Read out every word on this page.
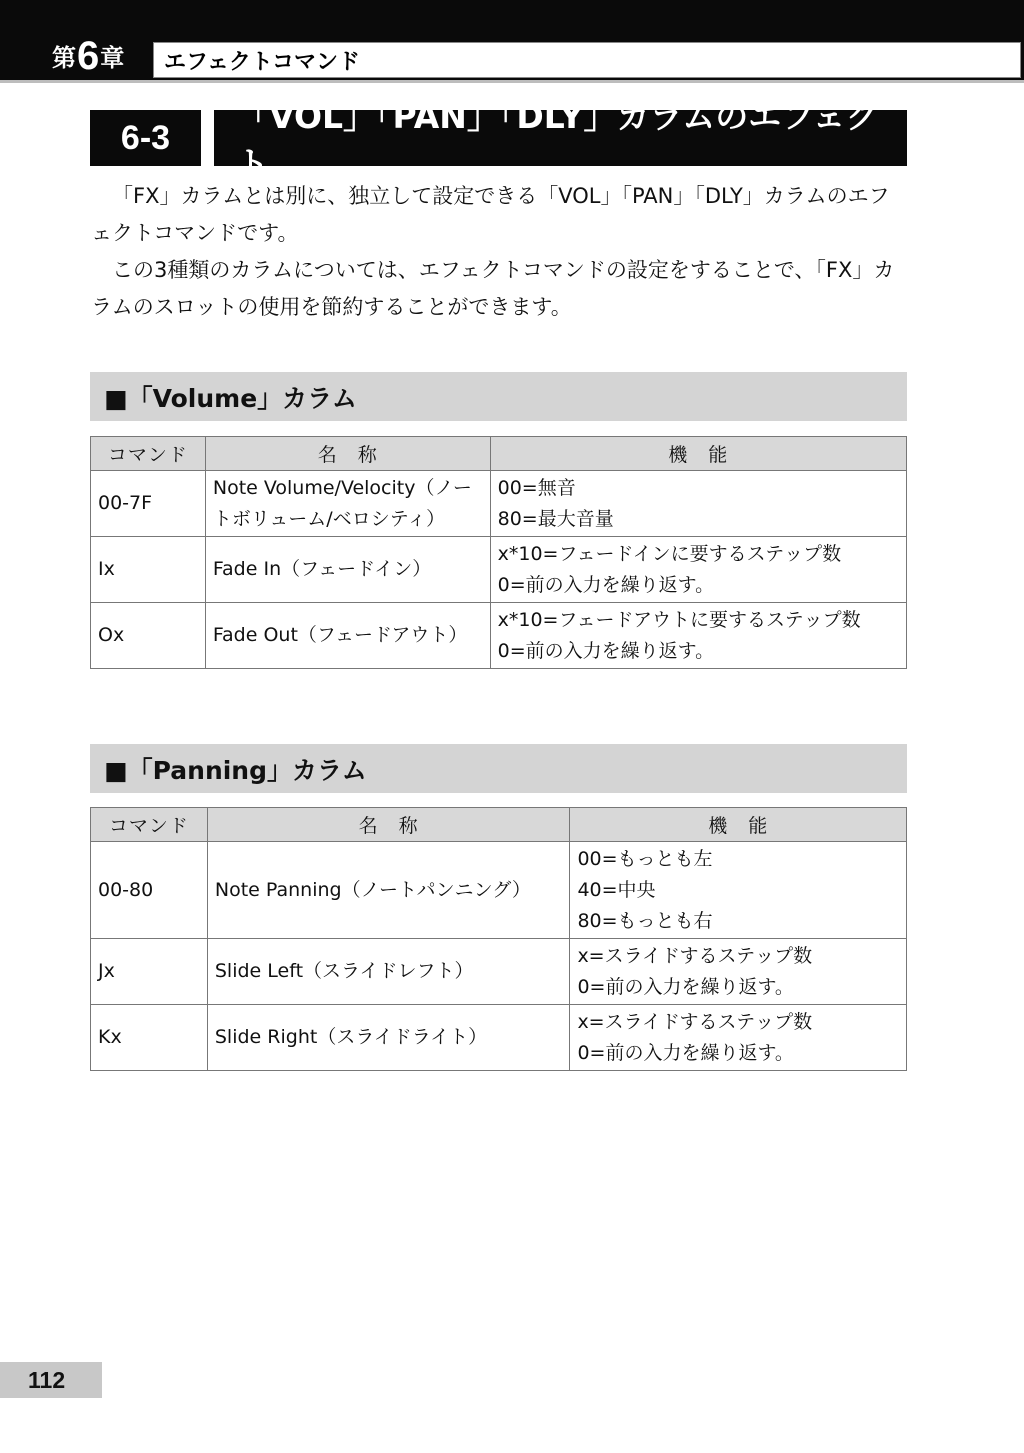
第 6 章	エフェクトコマンド
6-3
「VOL」「PAN」「DLY」カラムのエフェクト

「FX」カラムとは別に、独立して設定できる「VOL」「PAN」「DLY」カラムのエフェクトコマンドです。

この3種類のカラムについては、エフェクトコマンドの設定をすることで、「FX」カラムのスロットの使用を節約することができます。

■「Volume」カラム
コマンド	名　称	機　能
00-7F	Note Volume/Velocity（ノートボリューム/ベロシティ）	00=無音
80=最大音量

Ix	Fade In（フェードイン）	x*10=フェードインに要するステップ数
0=前の入力を繰り返す。

Ox	Fade Out（フェードアウト）	x*10=フェードアウトに要するステップ数
0=前の入力を繰り返す。
■「Panning」カラム
コマンド	名　称	機　能
00-80	Note Panning（ノートパンニング）	00=もっとも左
40=中央
80=もっとも右

Jx	Slide Left（スライドレフト）	x=スライドするステップ数
0=前の入力を繰り返す。

Kx	Slide Right（スライドライト）	x=スライドするステップ数
0=前の入力を繰り返す。
112
